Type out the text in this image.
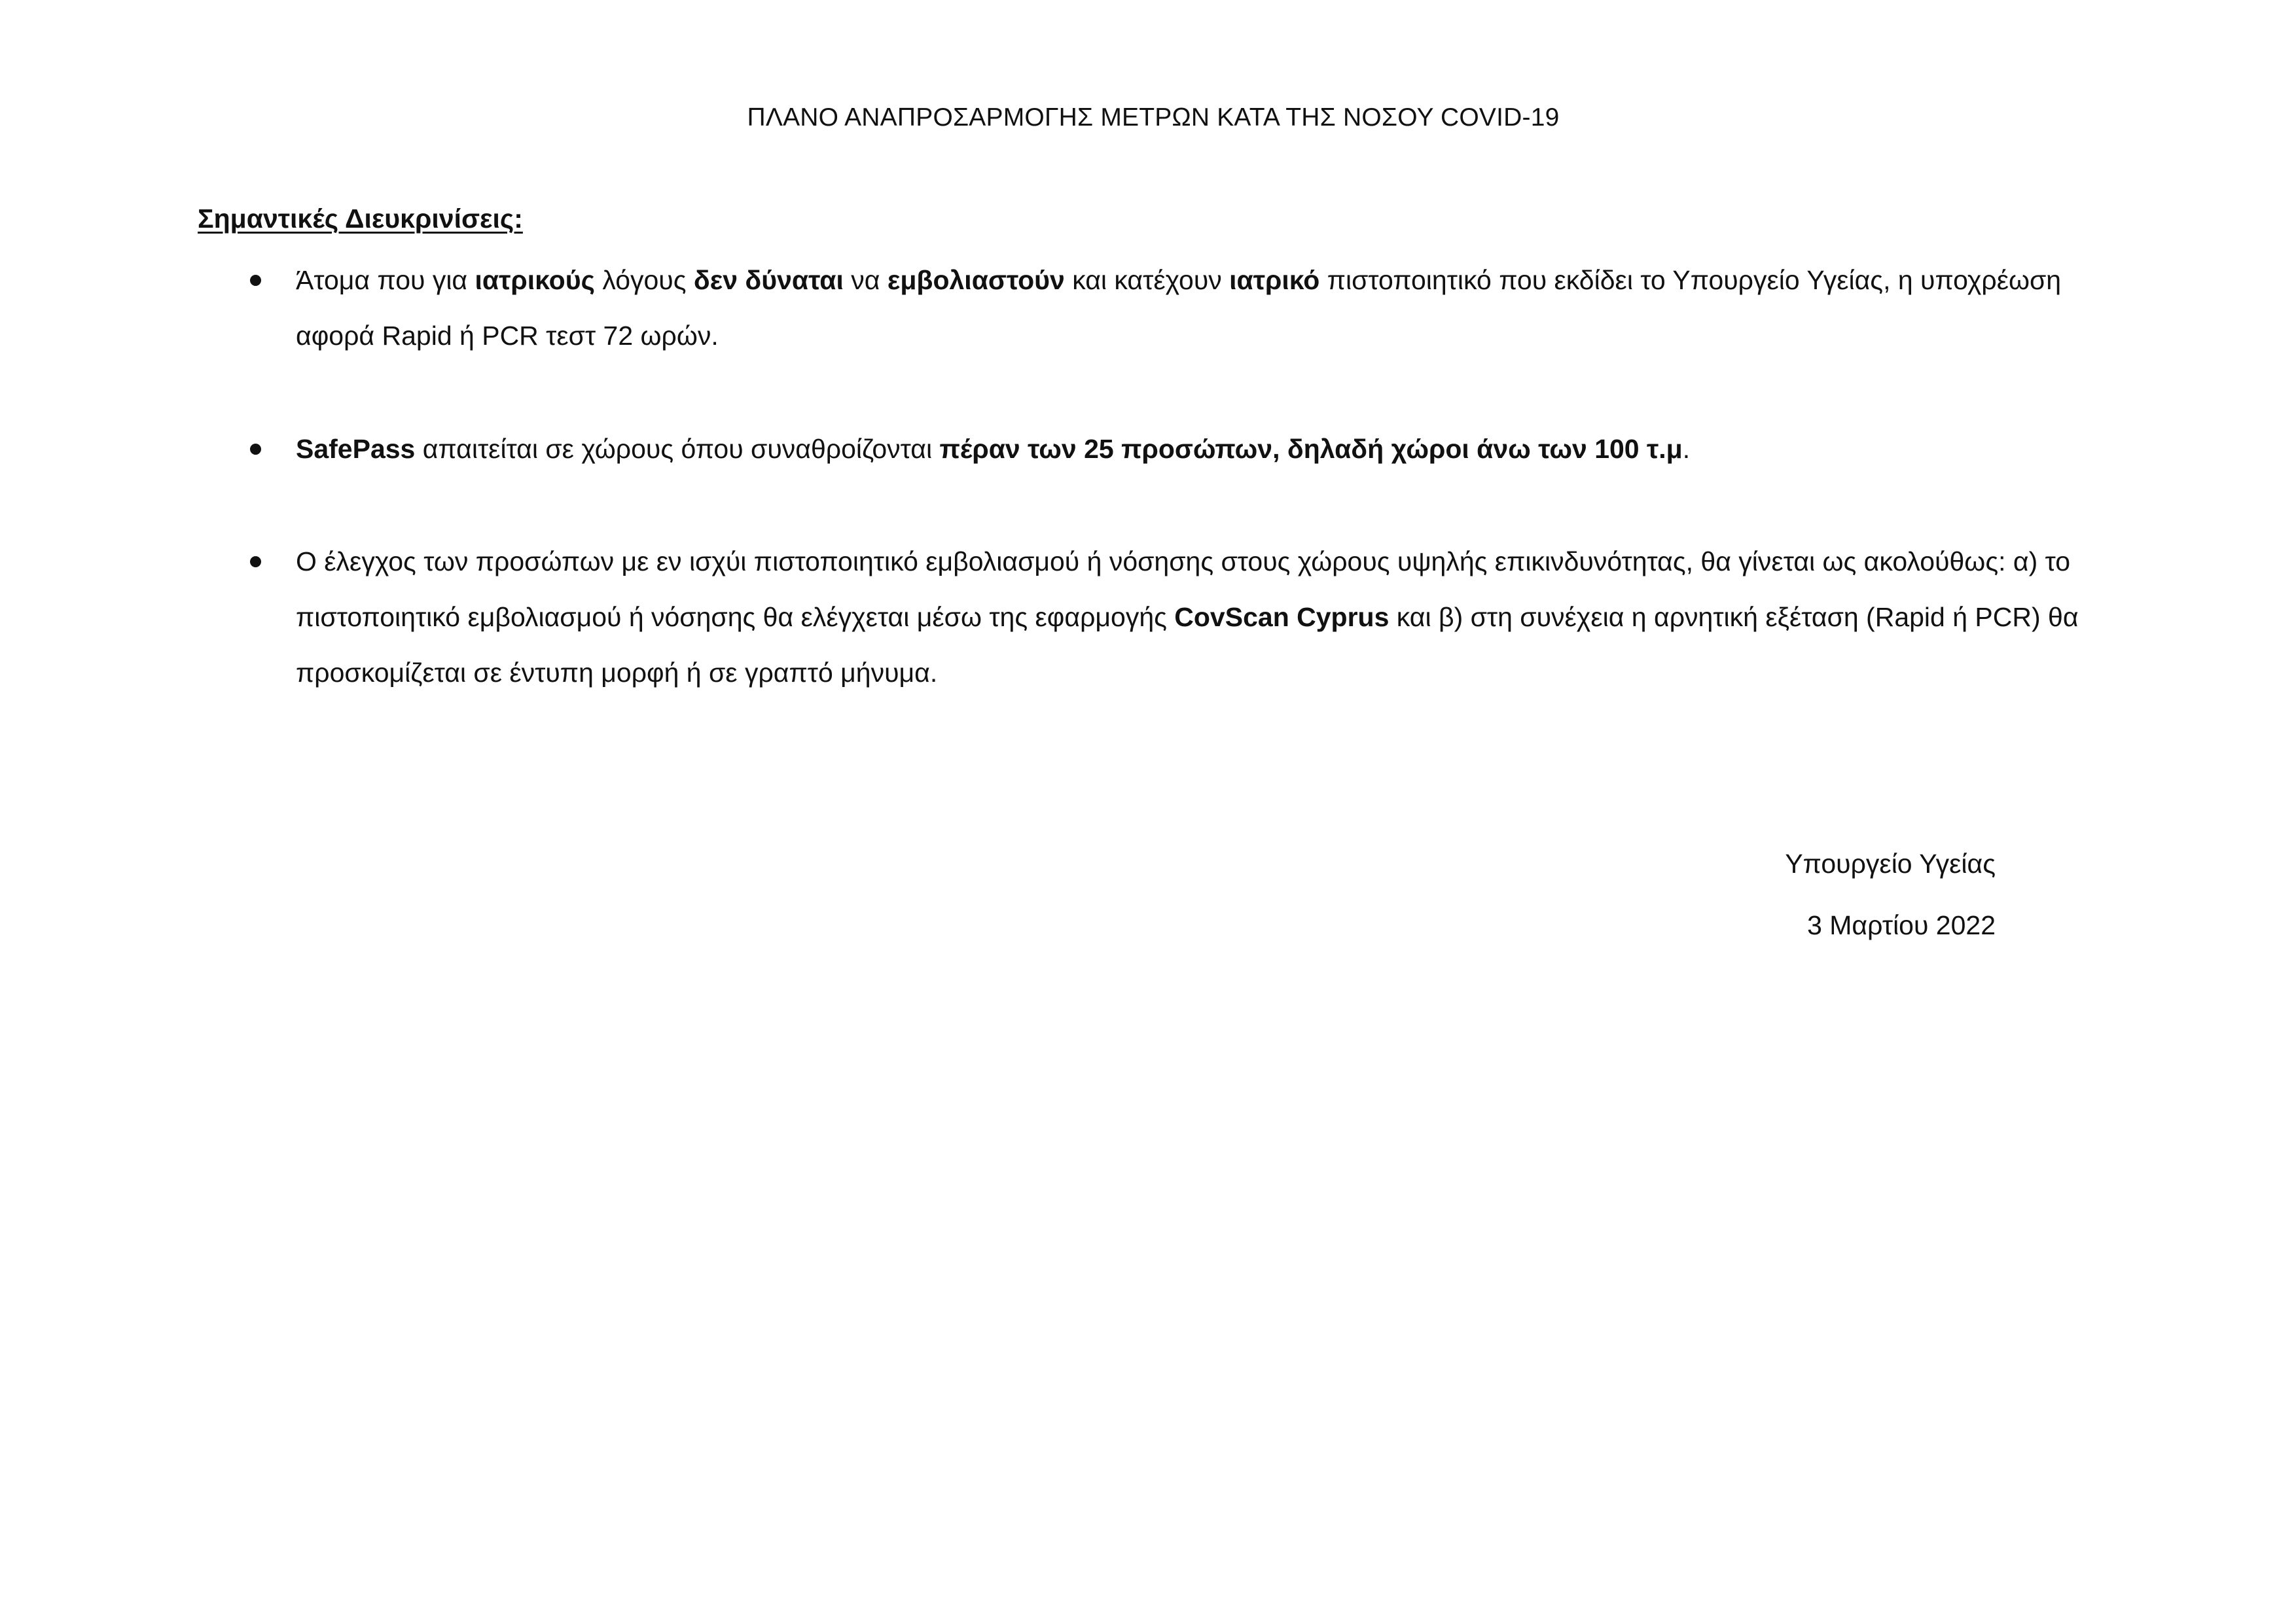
ΠΛΑΝΟ ΑΝΑΠΡΟΣΑΡΜΟΓΗΣ ΜΕΤΡΩΝ ΚΑΤΑ ΤΗΣ ΝΟΣΟΥ COVID-19
Σημαντικές Διευκρινίσεις:
Άτομα που για ιατρικούς λόγους δεν δύναται να εμβολιαστούν και κατέχουν ιατρικό πιστοποιητικό που εκδίδει το Υπουργείο Υγείας, η υποχρέωση αφορά Rapid ή PCR τεστ 72 ωρών.
SafePass απαιτείται σε χώρους όπου συναθροίζονται πέραν των 25 προσώπων, δηλαδή χώροι άνω των 100 τ.μ.
Ο έλεγχος των προσώπων με εν ισχύι πιστοποιητικό εμβολιασμού ή νόσησης στους χώρους υψηλής επικινδυνότητας, θα γίνεται ως ακολούθως: α) το πιστοποιητικό εμβολιασμού ή νόσησης θα ελέγχεται μέσω της εφαρμογής CovScan Cyprus και β) στη συνέχεια η αρνητική εξέταση (Rapid ή PCR) θα προσκομίζεται σε έντυπη μορφή ή σε γραπτό μήνυμα.
Υπουργείο Υγείας
3 Μαρτίου 2022
